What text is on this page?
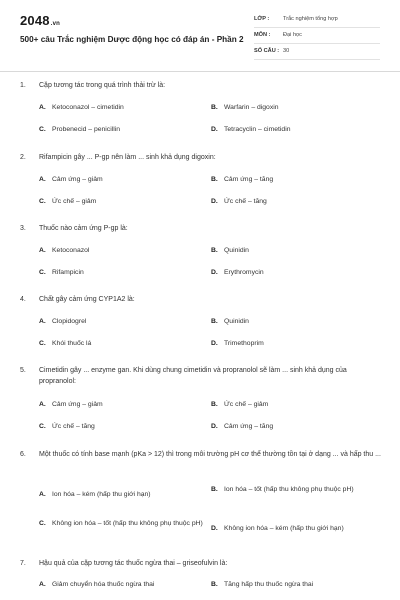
2048.vn
500+ câu Trắc nghiệm Dược động học có đáp án - Phần 2
LỚP : Trắc nghiệm tổng hợp
MÔN : Đại học
SỐ CÂU : 30
1. Cặp tương tác trong quá trình thải trừ là:
A. Ketoconazol – cimetidin	B. Warfarin – digoxin
C. Probenecid – penicillin	D. Tetracyclin – cimetidin
2. Rifampicin gây ... P-gp nên làm ... sinh khả dụng digoxin:
A. Cảm ứng – giảm	B. Cảm ứng – tăng
C. Ức chế – giảm	D. Ức chế – tăng
3. Thuốc nào cảm ứng P-gp là:
A. Ketoconazol	B. Quinidin
C. Rifampicin	D. Erythromycin
4. Chất gây cảm ứng CYP1A2 là:
A. Clopidogrel	B. Quinidin
C. Khói thuốc lá	D. Trimethoprim
5. Cimetidin gây ... enzyme gan. Khi dùng chung cimetidin và propranolol sẽ làm ... sinh khả dụng của propranolol:
A. Cảm ứng – giảm	B. Ức chế – giảm
C. Ức chế – tăng	D. Cảm ứng – tăng
6. Một thuốc có tính base mạnh (pKa > 12) thì trong môi trường pH cơ thể thường tồn tại ở dạng ... và hấp thu ...
A. Ion hóa – kém (hấp thu giới hạn)
B. Ion hóa – tốt (hấp thu không phụ thuộc pH)
C. Không ion hóa – tốt (hấp thu không phụ thuộc pH)
D. Không ion hóa – kém (hấp thu giới hạn)
7. Hậu quả của cặp tương tác thuốc ngừa thai – griseofulvin là:
A. Giảm chuyển hóa thuốc ngừa thai	B. Tăng hấp thu thuốc ngừa thai
